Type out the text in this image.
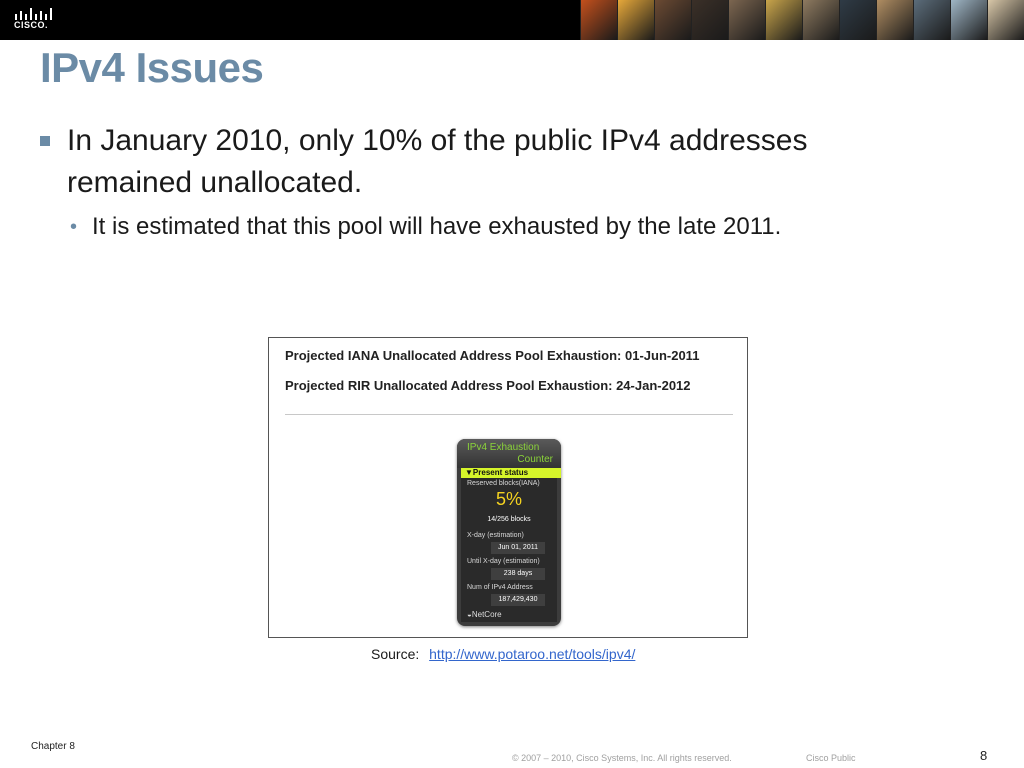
CISCO.
IPv4 Issues
In January 2010, only 10% of the public IPv4 addresses remained unallocated.
• It is estimated that this pool will have exhausted by the late 2011.
Projected IANA Unallocated Address Pool Exhaustion: 01-Jun-2011
Projected RIR Unallocated Address Pool Exhaustion: 24-Jan-2012
IPv4 Exhaustion
Counter
▼Present status
Reserved blocks(IANA)
5%
14/256 blocks
X-day (estimation)
Jun 01, 2011
Until X-day (estimation)
238 days
Num of IPv4 Address
187,429,430
◒NetCore
Source: http://www.potaroo.net/tools/ipv4/
Chapter 8
© 2007 – 2010, Cisco Systems, Inc. All rights reserved.	Cisco Public	8
